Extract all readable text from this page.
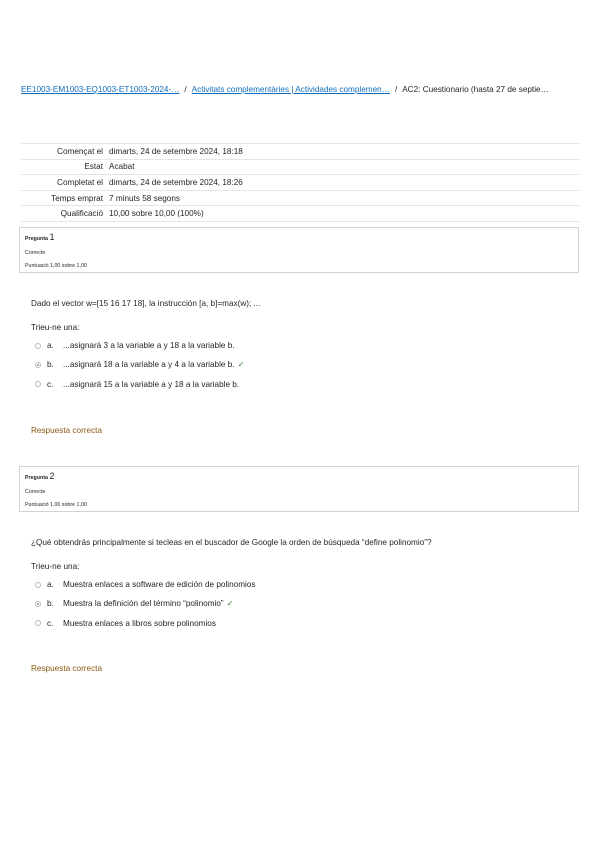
EE1003-EM1003-EQ1003-ET1003-2024-… / Activitats complementàries | Actividades complemen… / AC2: Cuestionario (hasta 27 de septie…
Començat el	dimarts, 24 de setembre 2024, 18:18
Estat	Acabat
Completat el	dimarts, 24 de setembre 2024, 18:26
Temps emprat	7 minuts 58 segons
Qualificació	10,00 sobre 10,00 (100%)
Pregunta 1
Correcte
Puntuació 1,00 sobre 1,00

Dado el vector w=[15 16 17 18], la instrucción [a, b]=max(w); ...

Trieu-ne una:
a.	...asignará 3 a la variable a y 18 a la variable b.
b.	...asignará 18 a la variable a y 4 a la variable b. ✓
c.	...asignará 15 a la variable a y 18 a la variable b.
Respuesta correcta
Pregunta 2
Correcte
Puntuació 1,00 sobre 1,00

¿Qué obtendrás principalmente si tecleas en el buscador de Google la orden de búsqueda “define polinomio”?

Trieu-ne una:
a.	Muestra enlaces a software de edición de polinomios
b.	Muestra la definición del término “polinomio” ✓
c.	Muestra enlaces a libros sobre polinomios
Respuesta correcta
